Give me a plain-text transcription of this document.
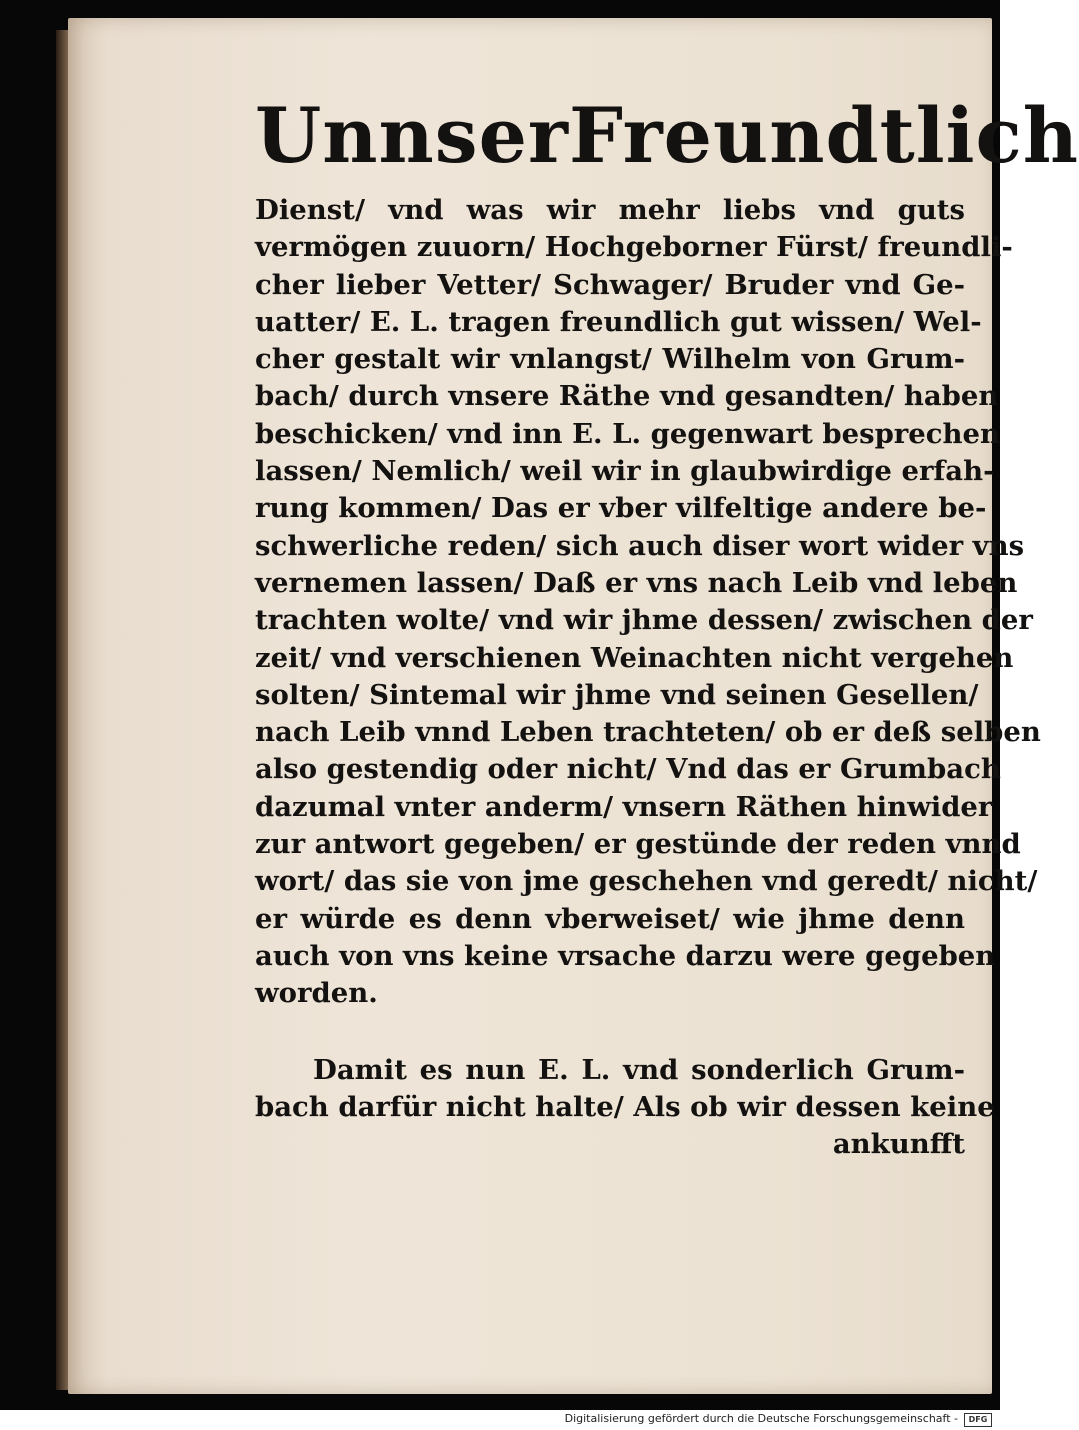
Unnser Freundtlich
Dienst/ vnd was wir mehr liebs vnd guts
vermögen zuuorn/ Hochgeborner Fürst/ freundli-
cher lieber Vetter/ Schwager/ Bruder vnd Ge-
uatter/ E. L. tragen freundlich gut wissen/ Wel-
cher gestalt wir vnlangst/ Wilhelm von Grum-
bach/ durch vnsere Räthe vnd gesandten/ haben
beschicken/ vnd inn E. L. gegenwart besprechen
lassen/ Nemlich/ weil wir in glaubwirdige erfah-
rung kommen/ Das er vber vilfeltige andere be-
schwerliche reden/ sich auch diser wort wider vns
vernemen lassen/ Daß er vns nach Leib vnd leben
trachten wolte/ vnd wir jhme dessen/ zwischen der
zeit/ vnd verschienen Weinachten nicht vergehen
solten/ Sintemal wir jhme vnd seinen Gesellen/
nach Leib vnnd Leben trachteten/ ob er deß selben
also gestendig oder nicht/ Vnd das er Grumbach
dazumal vnter anderm/ vnsern Räthen hinwider
zur antwort gegeben/ er gestünde der reden vnnd
wort/ das sie von jme geschehen vnd geredt/ nicht/
er würde es denn vberweiset/ wie jhme denn
auch von vns keine vrsache darzu were gegeben
worden.
Damit es nun E. L. vnd sonderlich Grum-
bach darfür nicht halte/ Als ob wir dessen keine
ankunfft
Digitalisierung gefördert durch die Deutsche Forschungsgemeinschaft -	DFG
